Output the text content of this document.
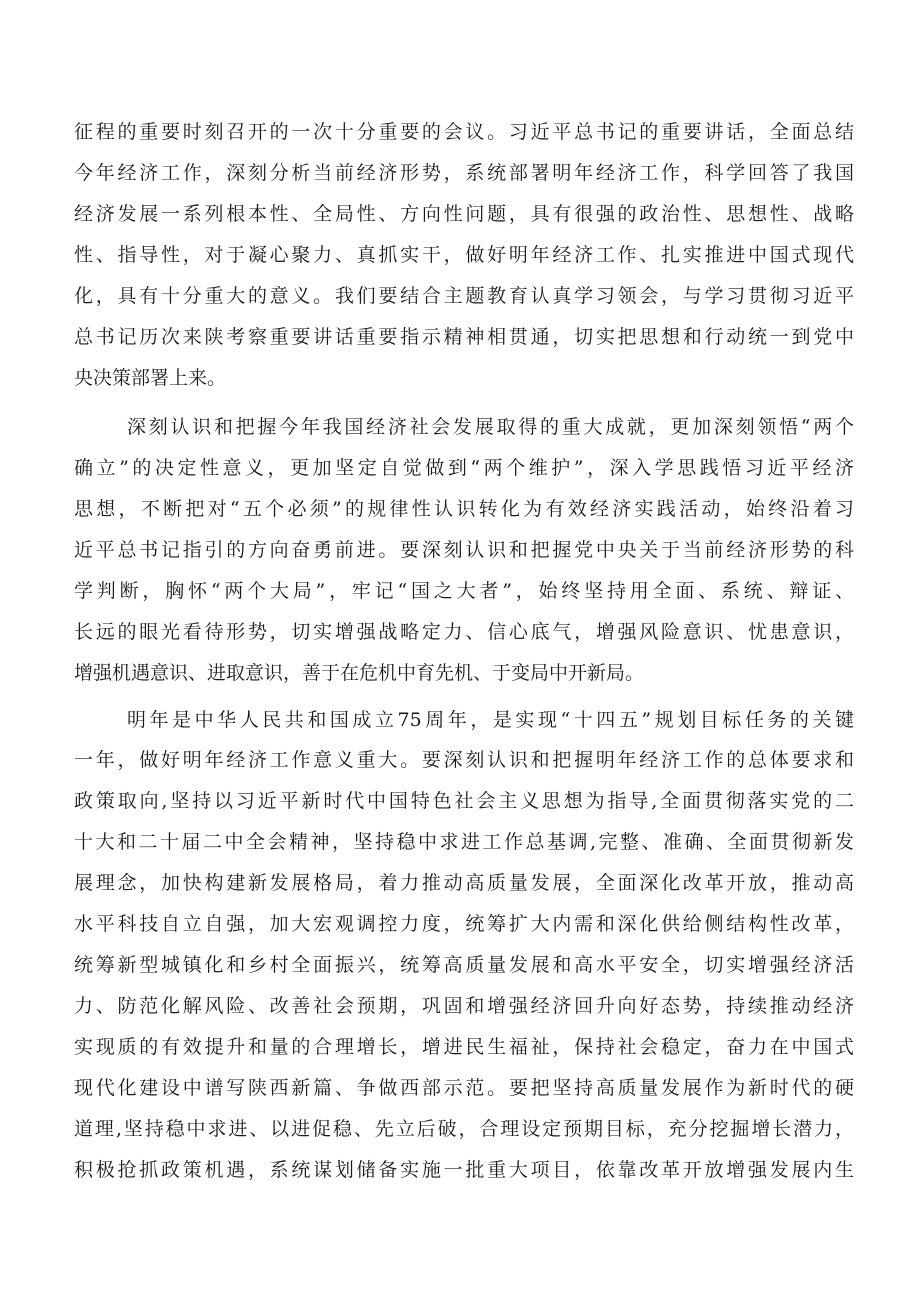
征程的重要时刻召开的一次十分重要的会议。习近平总书记的重要讲话，全面总结
今年经济工作，深刻分析当前经济形势，系统部署明年经济工作，科学回答了我国
经济发展一系列根本性、全局性、方向性问题，具有很强的政治性、思想性、战略
性、指导性，对于凝心聚力、真抓实干，做好明年经济工作、扎实推进中国式现代
化，具有十分重大的意义。我们要结合主题教育认真学习领会，与学习贯彻习近平
总书记历次来陕考察重要讲话重要指示精神相贯通，切实把思想和行动统一到党中
央决策部署上来。
深刻认识和把握今年我国经济社会发展取得的重大成就，更加深刻领悟“两个
确立”的决定性意义，更加坚定自觉做到“两个维护”，深入学思践悟习近平经济
思想，不断把对“五个必须”的规律性认识转化为有效经济实践活动，始终沿着习
近平总书记指引的方向奋勇前进。要深刻认识和把握党中央关于当前经济形势的科
学判断，胸怀“两个大局”，牢记“国之大者”，始终坚持用全面、系统、辩证、
长远的眼光看待形势，切实增强战略定力、信心底气，增强风险意识、忧患意识，
增强机遇意识、进取意识，善于在危机中育先机、于变局中开新局。
明年是中华人民共和国成立75周年，是实现“十四五”规划目标任务的关键
一年，做好明年经济工作意义重大。要深刻认识和把握明年经济工作的总体要求和
政策取向,坚持以习近平新时代中国特色社会主义思想为指导,全面贯彻落实党的二
十大和二十届二中全会精神，坚持稳中求进工作总基调,完整、准确、全面贯彻新发
展理念，加快构建新发展格局，着力推动高质量发展，全面深化改革开放，推动高
水平科技自立自强，加大宏观调控力度，统筹扩大内需和深化供给侧结构性改革，
统筹新型城镇化和乡村全面振兴，统筹高质量发展和高水平安全，切实增强经济活
力、防范化解风险、改善社会预期，巩固和增强经济回升向好态势，持续推动经济
实现质的有效提升和量的合理增长，增进民生福祉，保持社会稳定，奋力在中国式
现代化建设中谱写陕西新篇、争做西部示范。要把坚持高质量发展作为新时代的硬
道理,坚持稳中求进、以进促稳、先立后破，合理设定预期目标，充分挖掘增长潜力，
积极抢抓政策机遇，系统谋划储备实施一批重大项目，依靠改革开放增强发展内生
